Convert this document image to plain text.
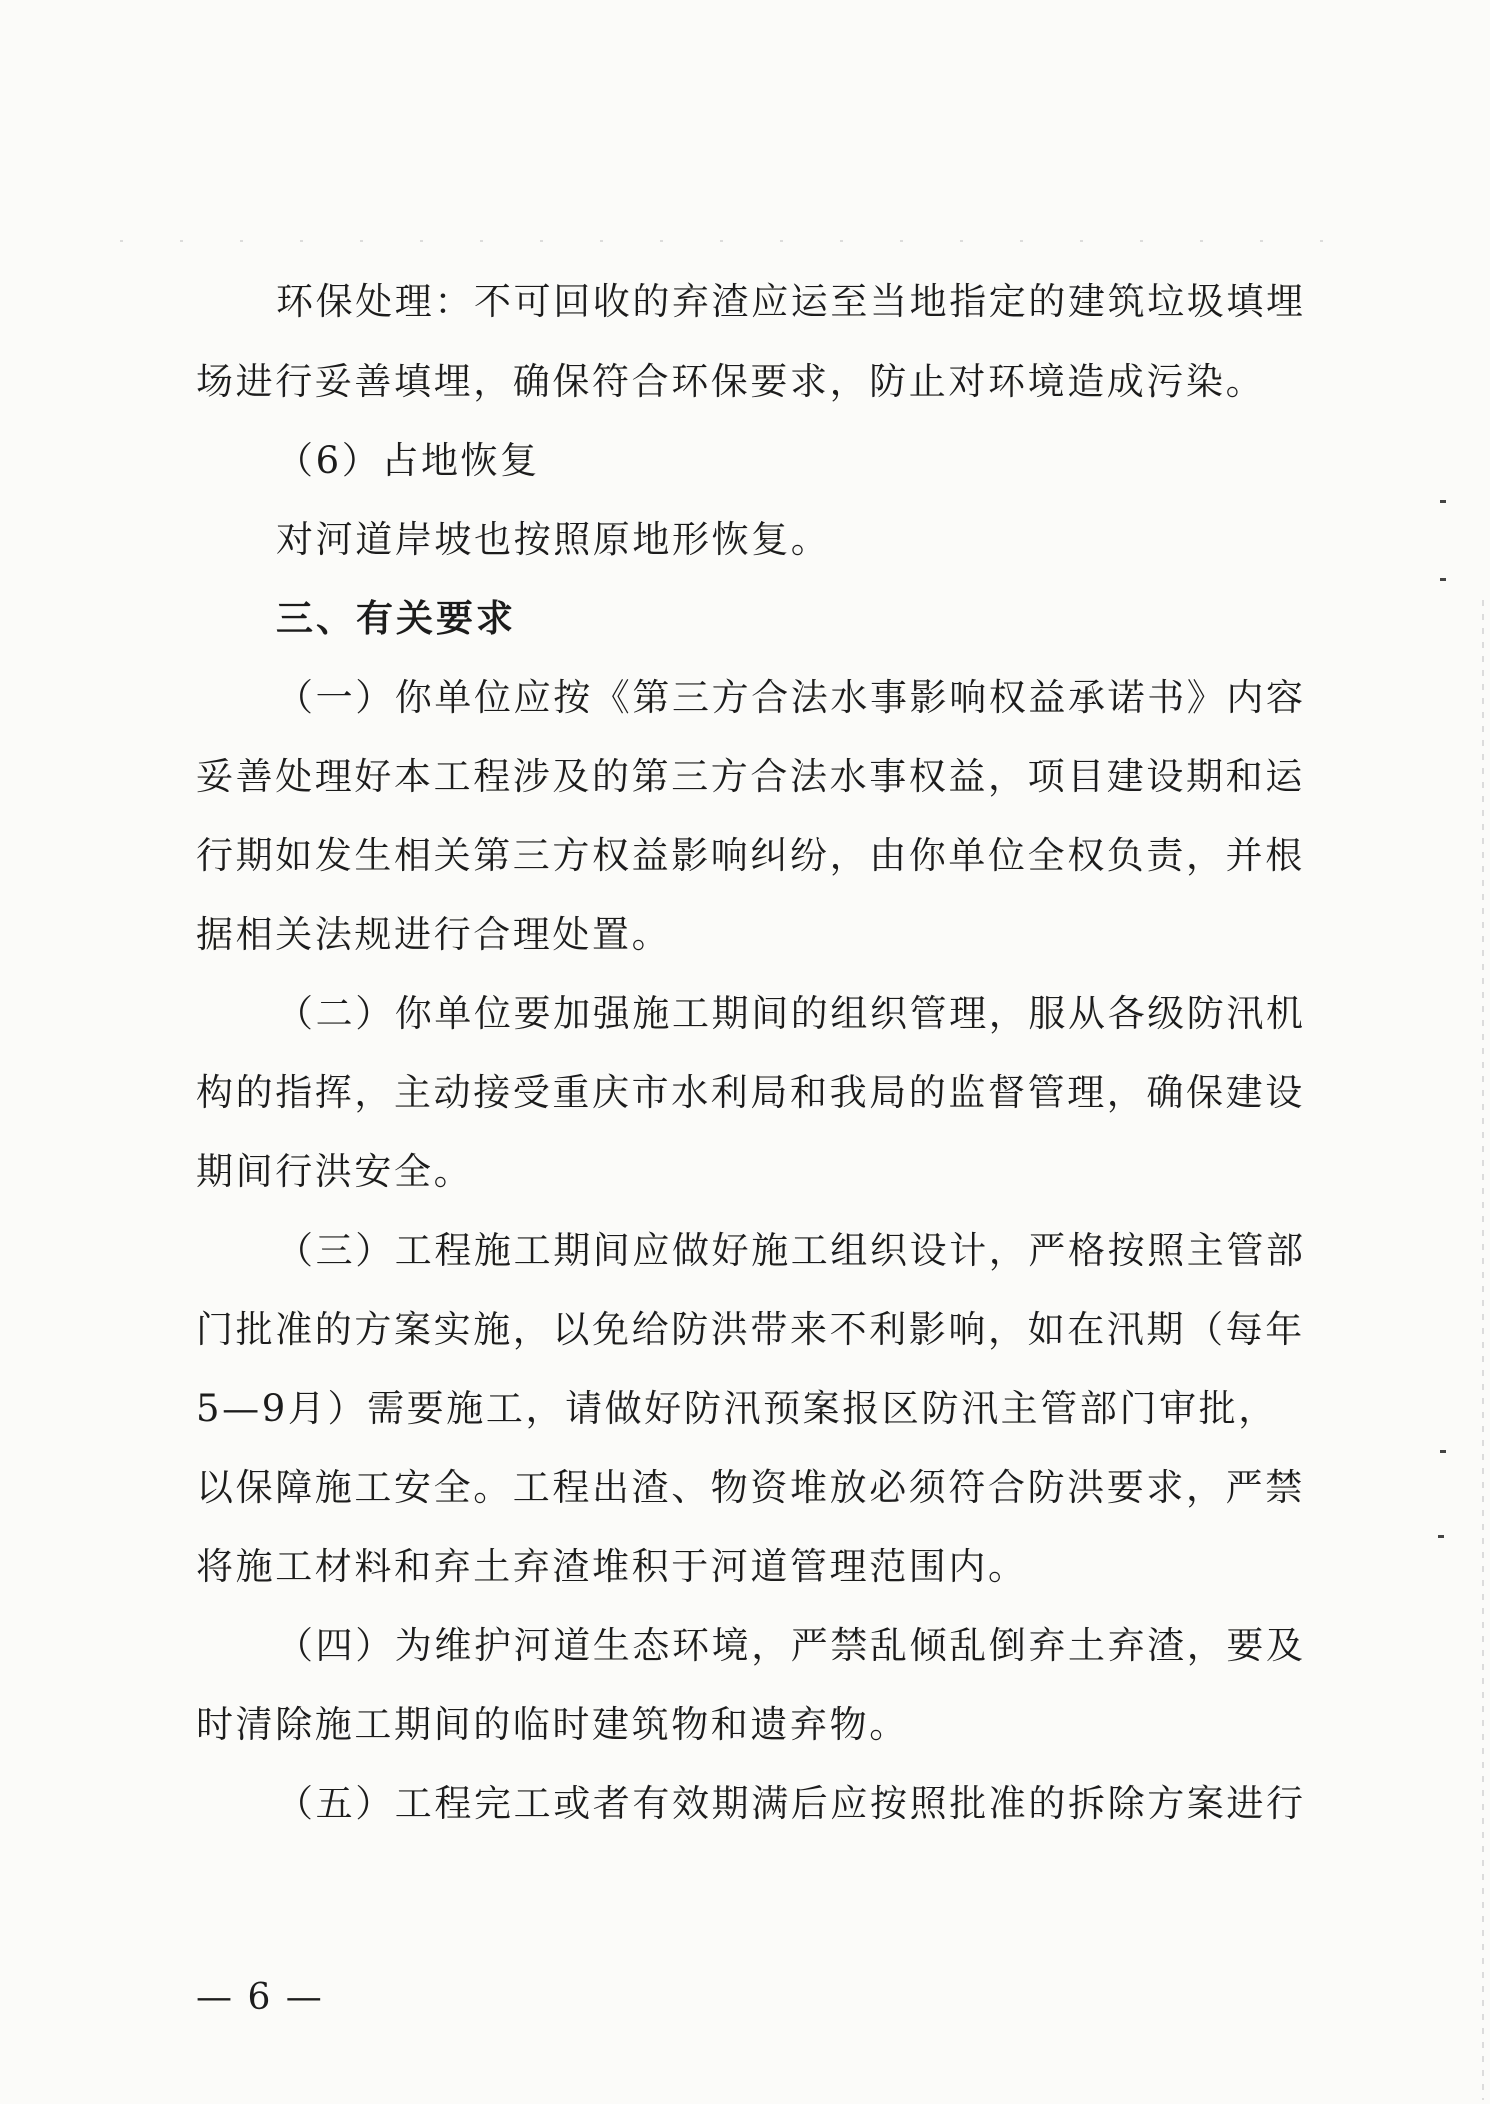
环保处理：不可回收的弃渣应运至当地指定的建筑垃圾填埋
场进行妥善填埋，确保符合环保要求，防止对环境造成污染。
（6）占地恢复
对河道岸坡也按照原地形恢复。
三、有关要求
（一）你单位应按《第三方合法水事影响权益承诺书》内容
妥善处理好本工程涉及的第三方合法水事权益，项目建设期和运
行期如发生相关第三方权益影响纠纷，由你单位全权负责，并根
据相关法规进行合理处置。
（二）你单位要加强施工期间的组织管理，服从各级防汛机
构的指挥，主动接受重庆市水利局和我局的监督管理，确保建设
期间行洪安全。
（三）工程施工期间应做好施工组织设计，严格按照主管部
门批准的方案实施，以免给防洪带来不利影响，如在汛期（每年
5—9月）需要施工，请做好防汛预案报区防汛主管部门审批，
以保障施工安全。工程出渣、物资堆放必须符合防洪要求，严禁
将施工材料和弃土弃渣堆积于河道管理范围内。
（四）为维护河道生态环境，严禁乱倾乱倒弃土弃渣，要及
时清除施工期间的临时建筑物和遗弃物。
（五）工程完工或者有效期满后应按照批准的拆除方案进行
— 6 —
